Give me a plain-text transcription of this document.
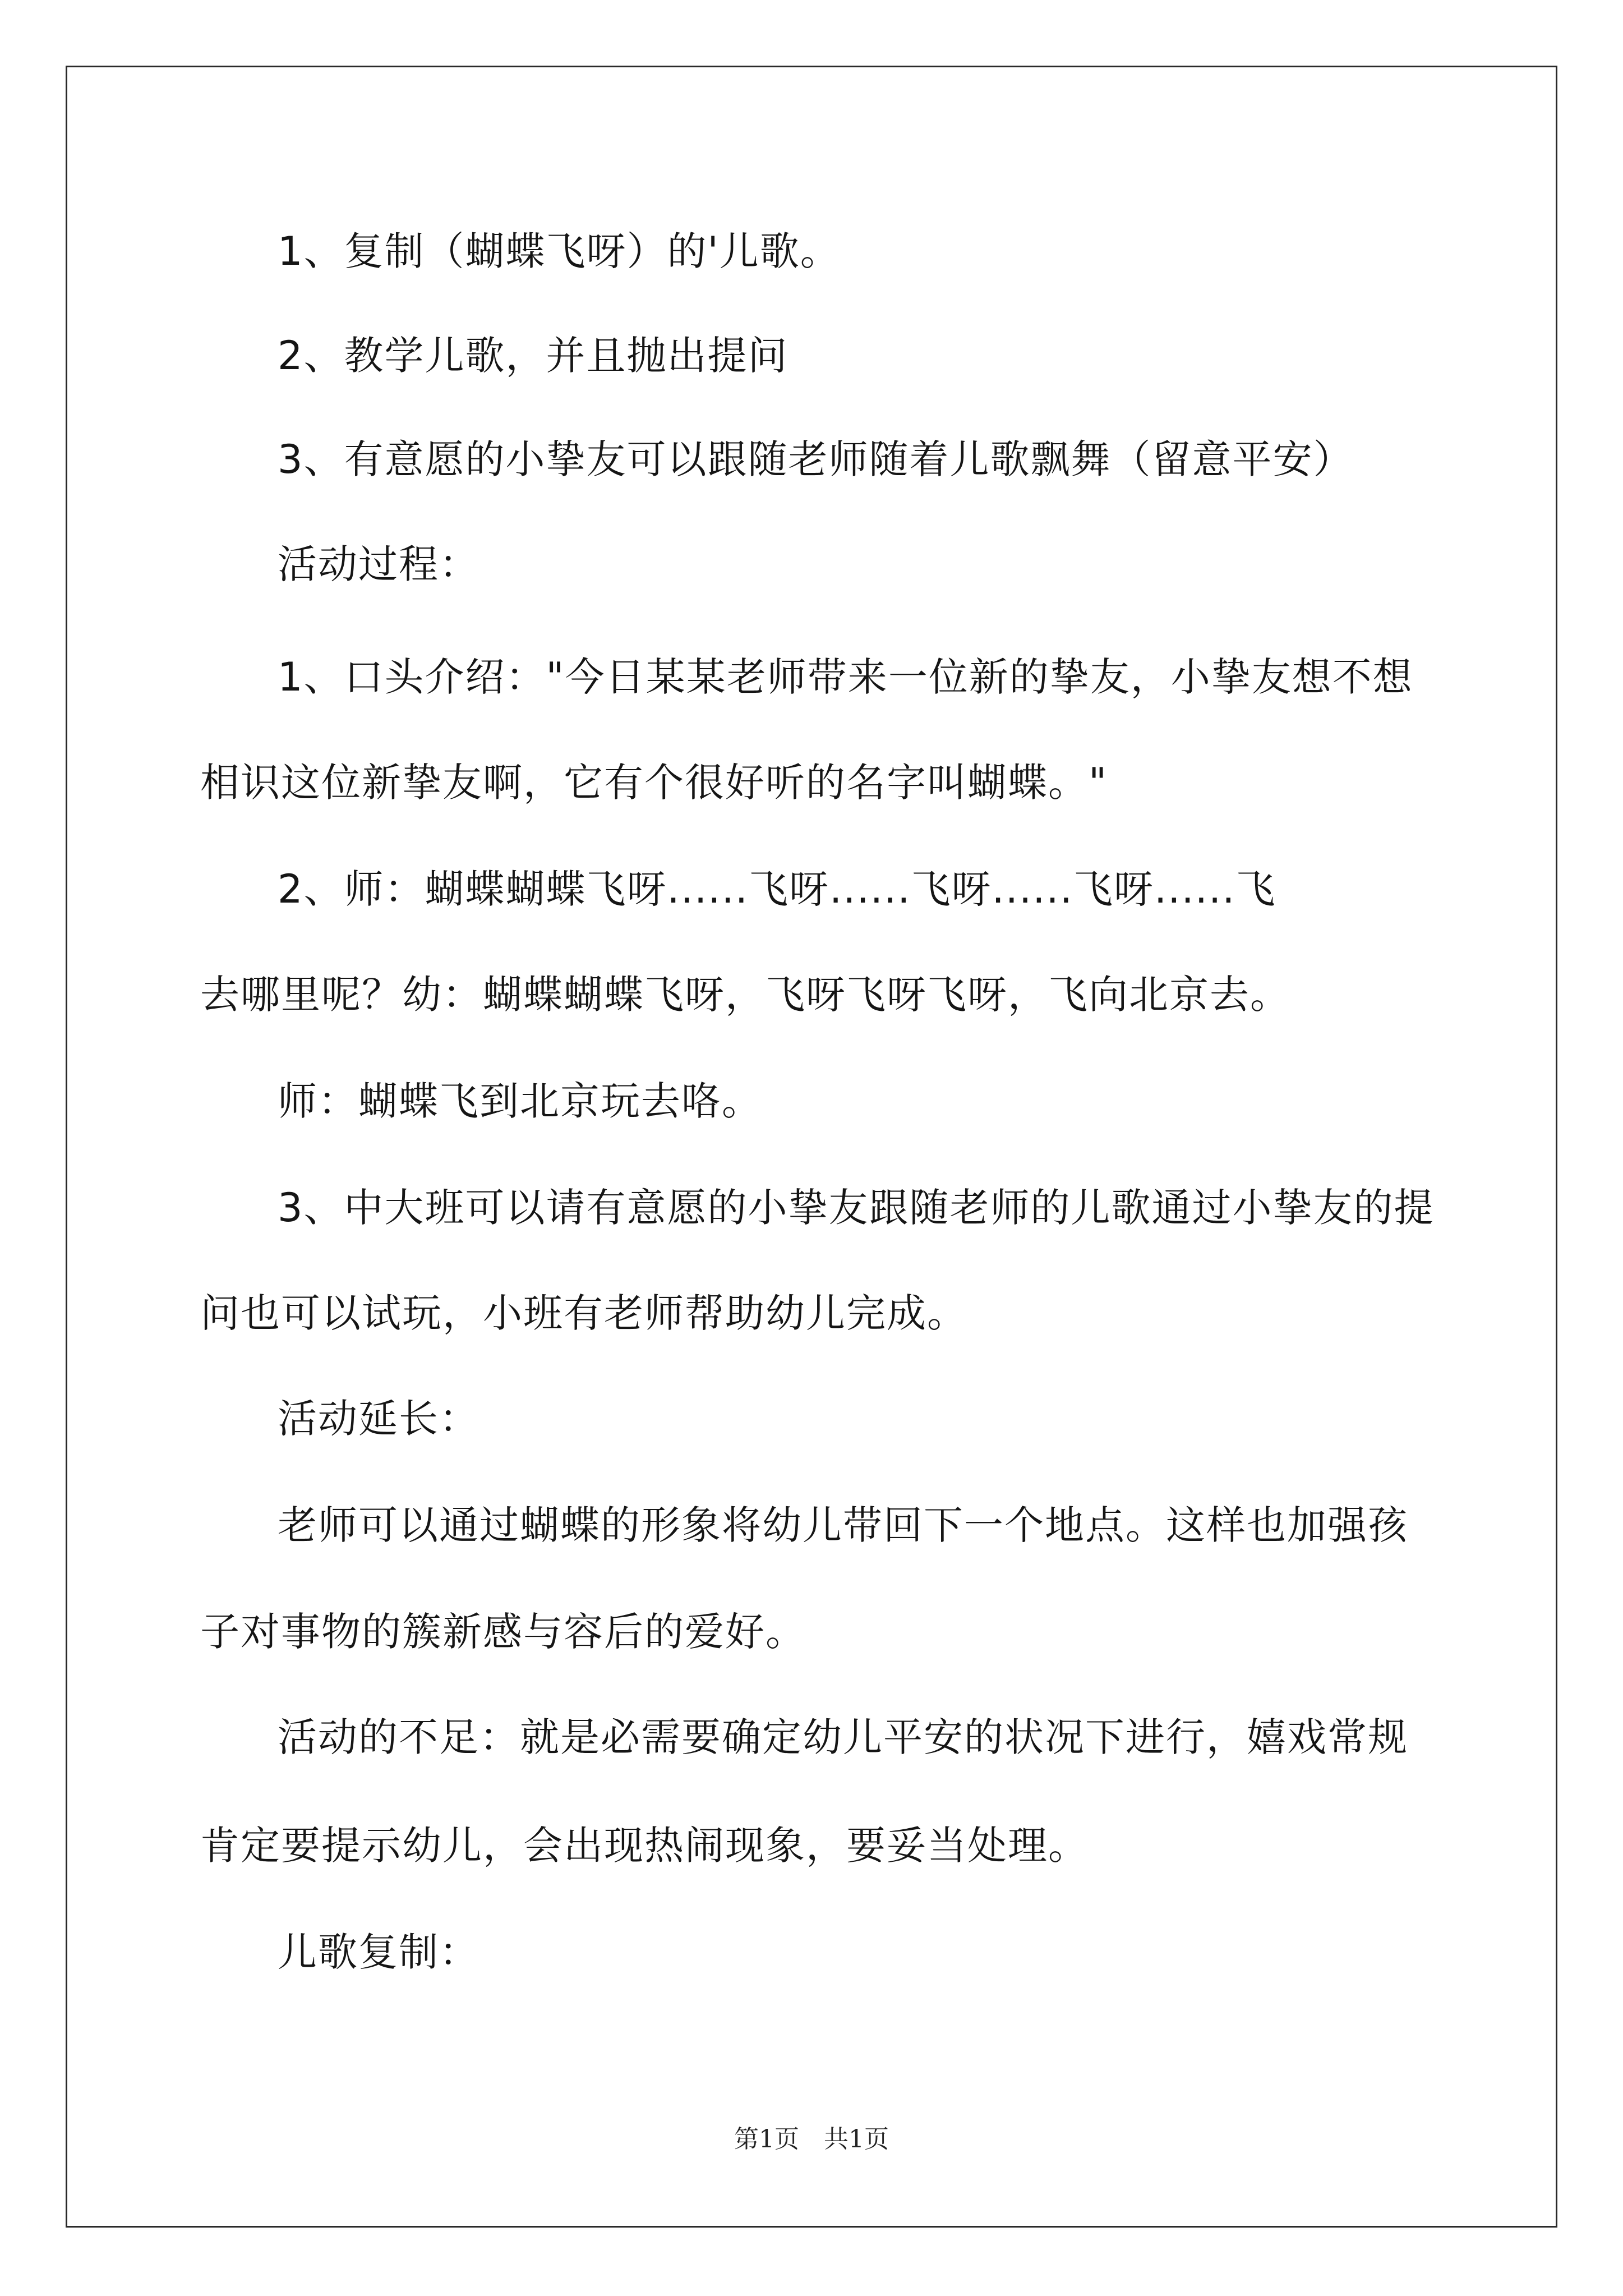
1、复制（蝴蝶飞呀）的'儿歌。
2、教学儿歌，并且抛出提问
3、有意愿的小挚友可以跟随老师随着儿歌飘舞（留意平安）
活动过程：
1、口头介绍："今日某某老师带来一位新的挚友，小挚友想不想
相识这位新挚友啊，它有个很好听的名字叫蝴蝶。"
2、师：蝴蝶蝴蝶飞呀......飞呀......飞呀......飞呀......飞
去哪里呢？幼：蝴蝶蝴蝶飞呀，飞呀飞呀飞呀，飞向北京去。
师：蝴蝶飞到北京玩去咯。
3、中大班可以请有意愿的小挚友跟随老师的儿歌通过小挚友的提
问也可以试玩，小班有老师帮助幼儿完成。
活动延长：
老师可以通过蝴蝶的形象将幼儿带回下一个地点。这样也加强孩
子对事物的簇新感与容后的爱好。
活动的不足：就是必需要确定幼儿平安的状况下进行，嬉戏常规
肯定要提示幼儿，会出现热闹现象，要妥当处理。
儿歌复制：
第1页　共1页
